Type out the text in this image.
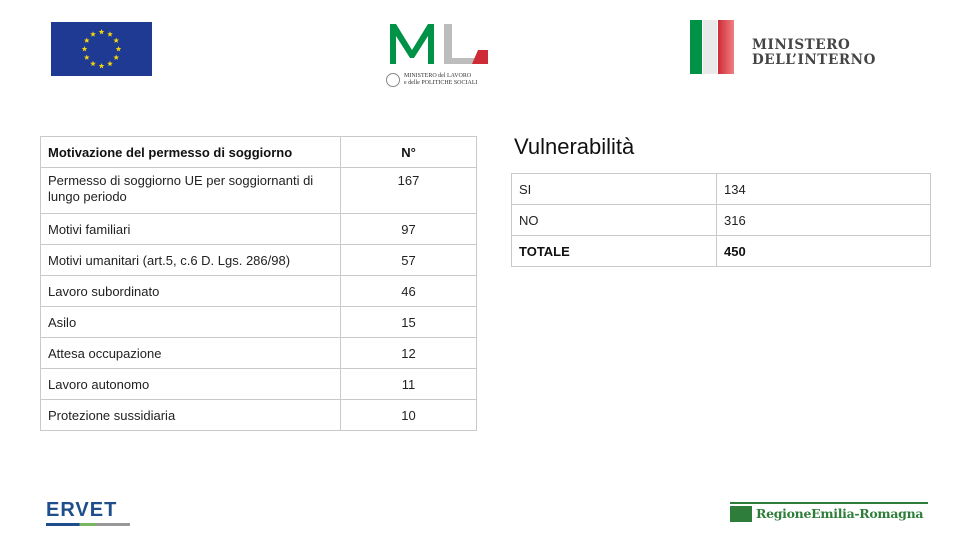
MINISTERO del LAVORO
e delle POLITICHE SOCIALI
MINISTERO
DELL’INTERNO
Motivazione del permesso di soggiorno	N°
Permesso di soggiorno UE per soggiornanti di lungo periodo	167
Motivi familiari	97
Motivi umanitari (art.5, c.6 D. Lgs. 286/98)	57
Lavoro subordinato	46
Asilo	15
Attesa occupazione	12
Lavoro autonomo	11
Protezione sussidiaria	10
Vulnerabilità
SI	134
NO	316
TOTALE	450
ERVET	RegioneEmilia-Romagna
